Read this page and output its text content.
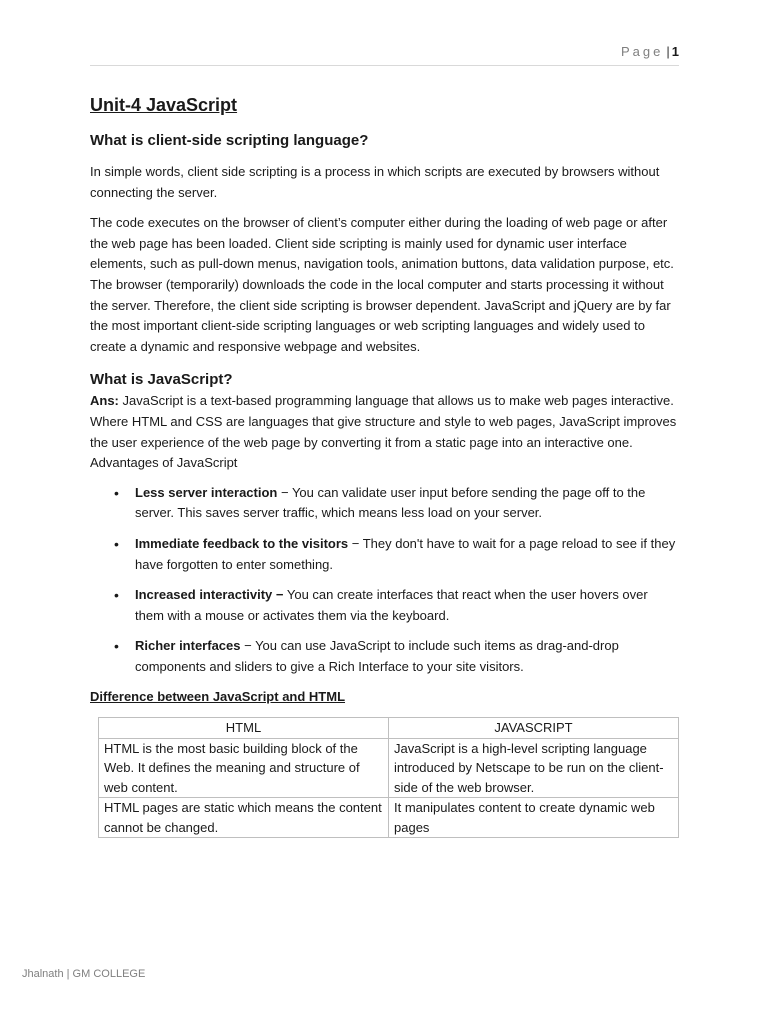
Page | 1
Unit-4 JavaScript
What is client-side scripting language?

In simple words, client side scripting is a process in which scripts are executed by browsers without connecting the server.

The code executes on the browser of client’s computer either during the loading of web page or after the web page has been loaded. Client side scripting is mainly used for dynamic user interface elements, such as pull-down menus, navigation tools, animation buttons, data validation purpose, etc. The browser (temporarily) downloads the code in the local computer and starts processing it without the server. Therefore, the client side scripting is browser dependent. JavaScript and jQuery are by far the most important client-side scripting languages or web scripting languages and widely used to create a dynamic and responsive webpage and websites.

What is JavaScript?

Ans: JavaScript is a text-based programming language that allows us to make web pages interactive. Where HTML and CSS are languages that give structure and style to web pages, JavaScript improves the user experience of the web page by converting it from a static page into an interactive one.

Advantages of JavaScript

• Less server interaction − You can validate user input before sending the page off to the server. This saves server traffic, which means less load on your server.
• Immediate feedback to the visitors − They don't have to wait for a page reload to see if they have forgotten to enter something.
• Increased interactivity − You can create interfaces that react when the user hovers over them with a mouse or activates them via the keyboard.
• Richer interfaces − You can use JavaScript to include such items as drag-and-drop components and sliders to give a Rich Interface to your site visitors.

Difference between JavaScript and HTML

HTML	JAVASCRIPT
HTML is the most basic building block of the Web. It defines the meaning and structure of web content.	JavaScript is a high-level scripting language introduced by Netscape to be run on the client-side of the web browser.
HTML pages are static which means the content cannot be changed.	It manipulates content to create dynamic web pages
Jhalnath | GM COLLEGE
